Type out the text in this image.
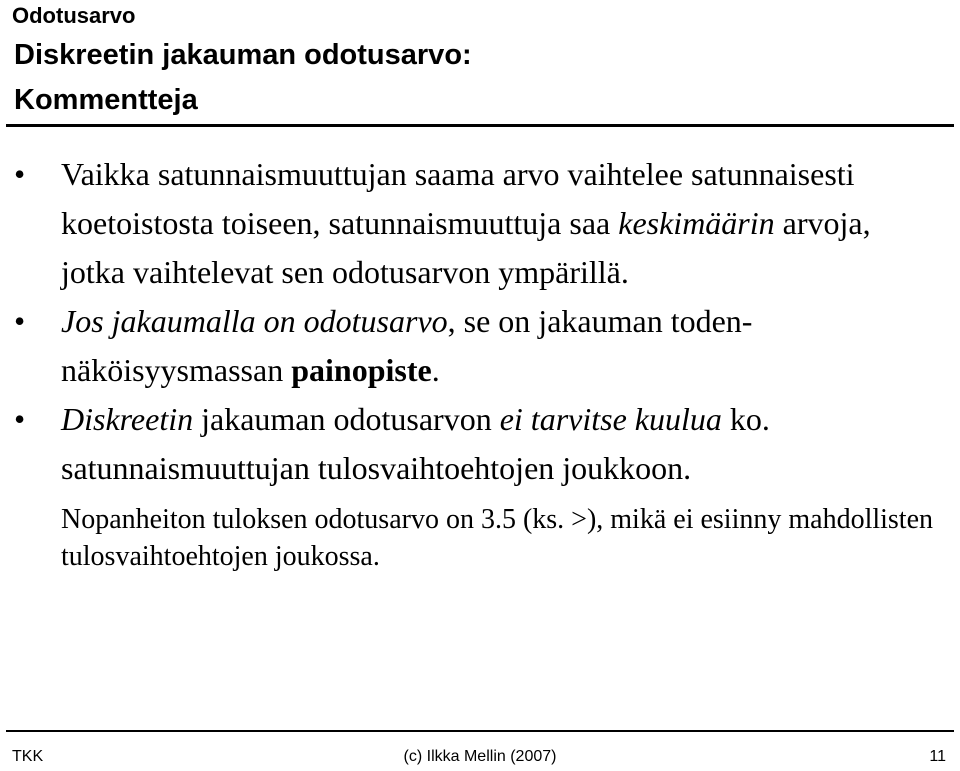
Odotusarvo
Diskreetin jakauman odotusarvo:
Kommentteja
• Vaikka satunnaismuuttujan saama arvo vaihtelee satunnaisesti koetoistosta toiseen, satunnaismuuttuja saa keskimäärin arvoja, jotka vaihtelevat sen odotusarvon ympärillä.
• Jos jakaumalla on odotusarvo, se on jakauman toden-näköisyysmassan painopiste.
• Diskreetin jakauman odotusarvon ei tarvitse kuulua ko. satunnaismuuttujan tulosvaihtoehtojen joukkoon.
Nopanheiton tuloksen odotusarvo on 3.5 (ks. >), mikä ei esiinny mahdollisten tulosvaihtoehtojen joukossa.
TKK	(c) Ilkka Mellin (2007)	11
